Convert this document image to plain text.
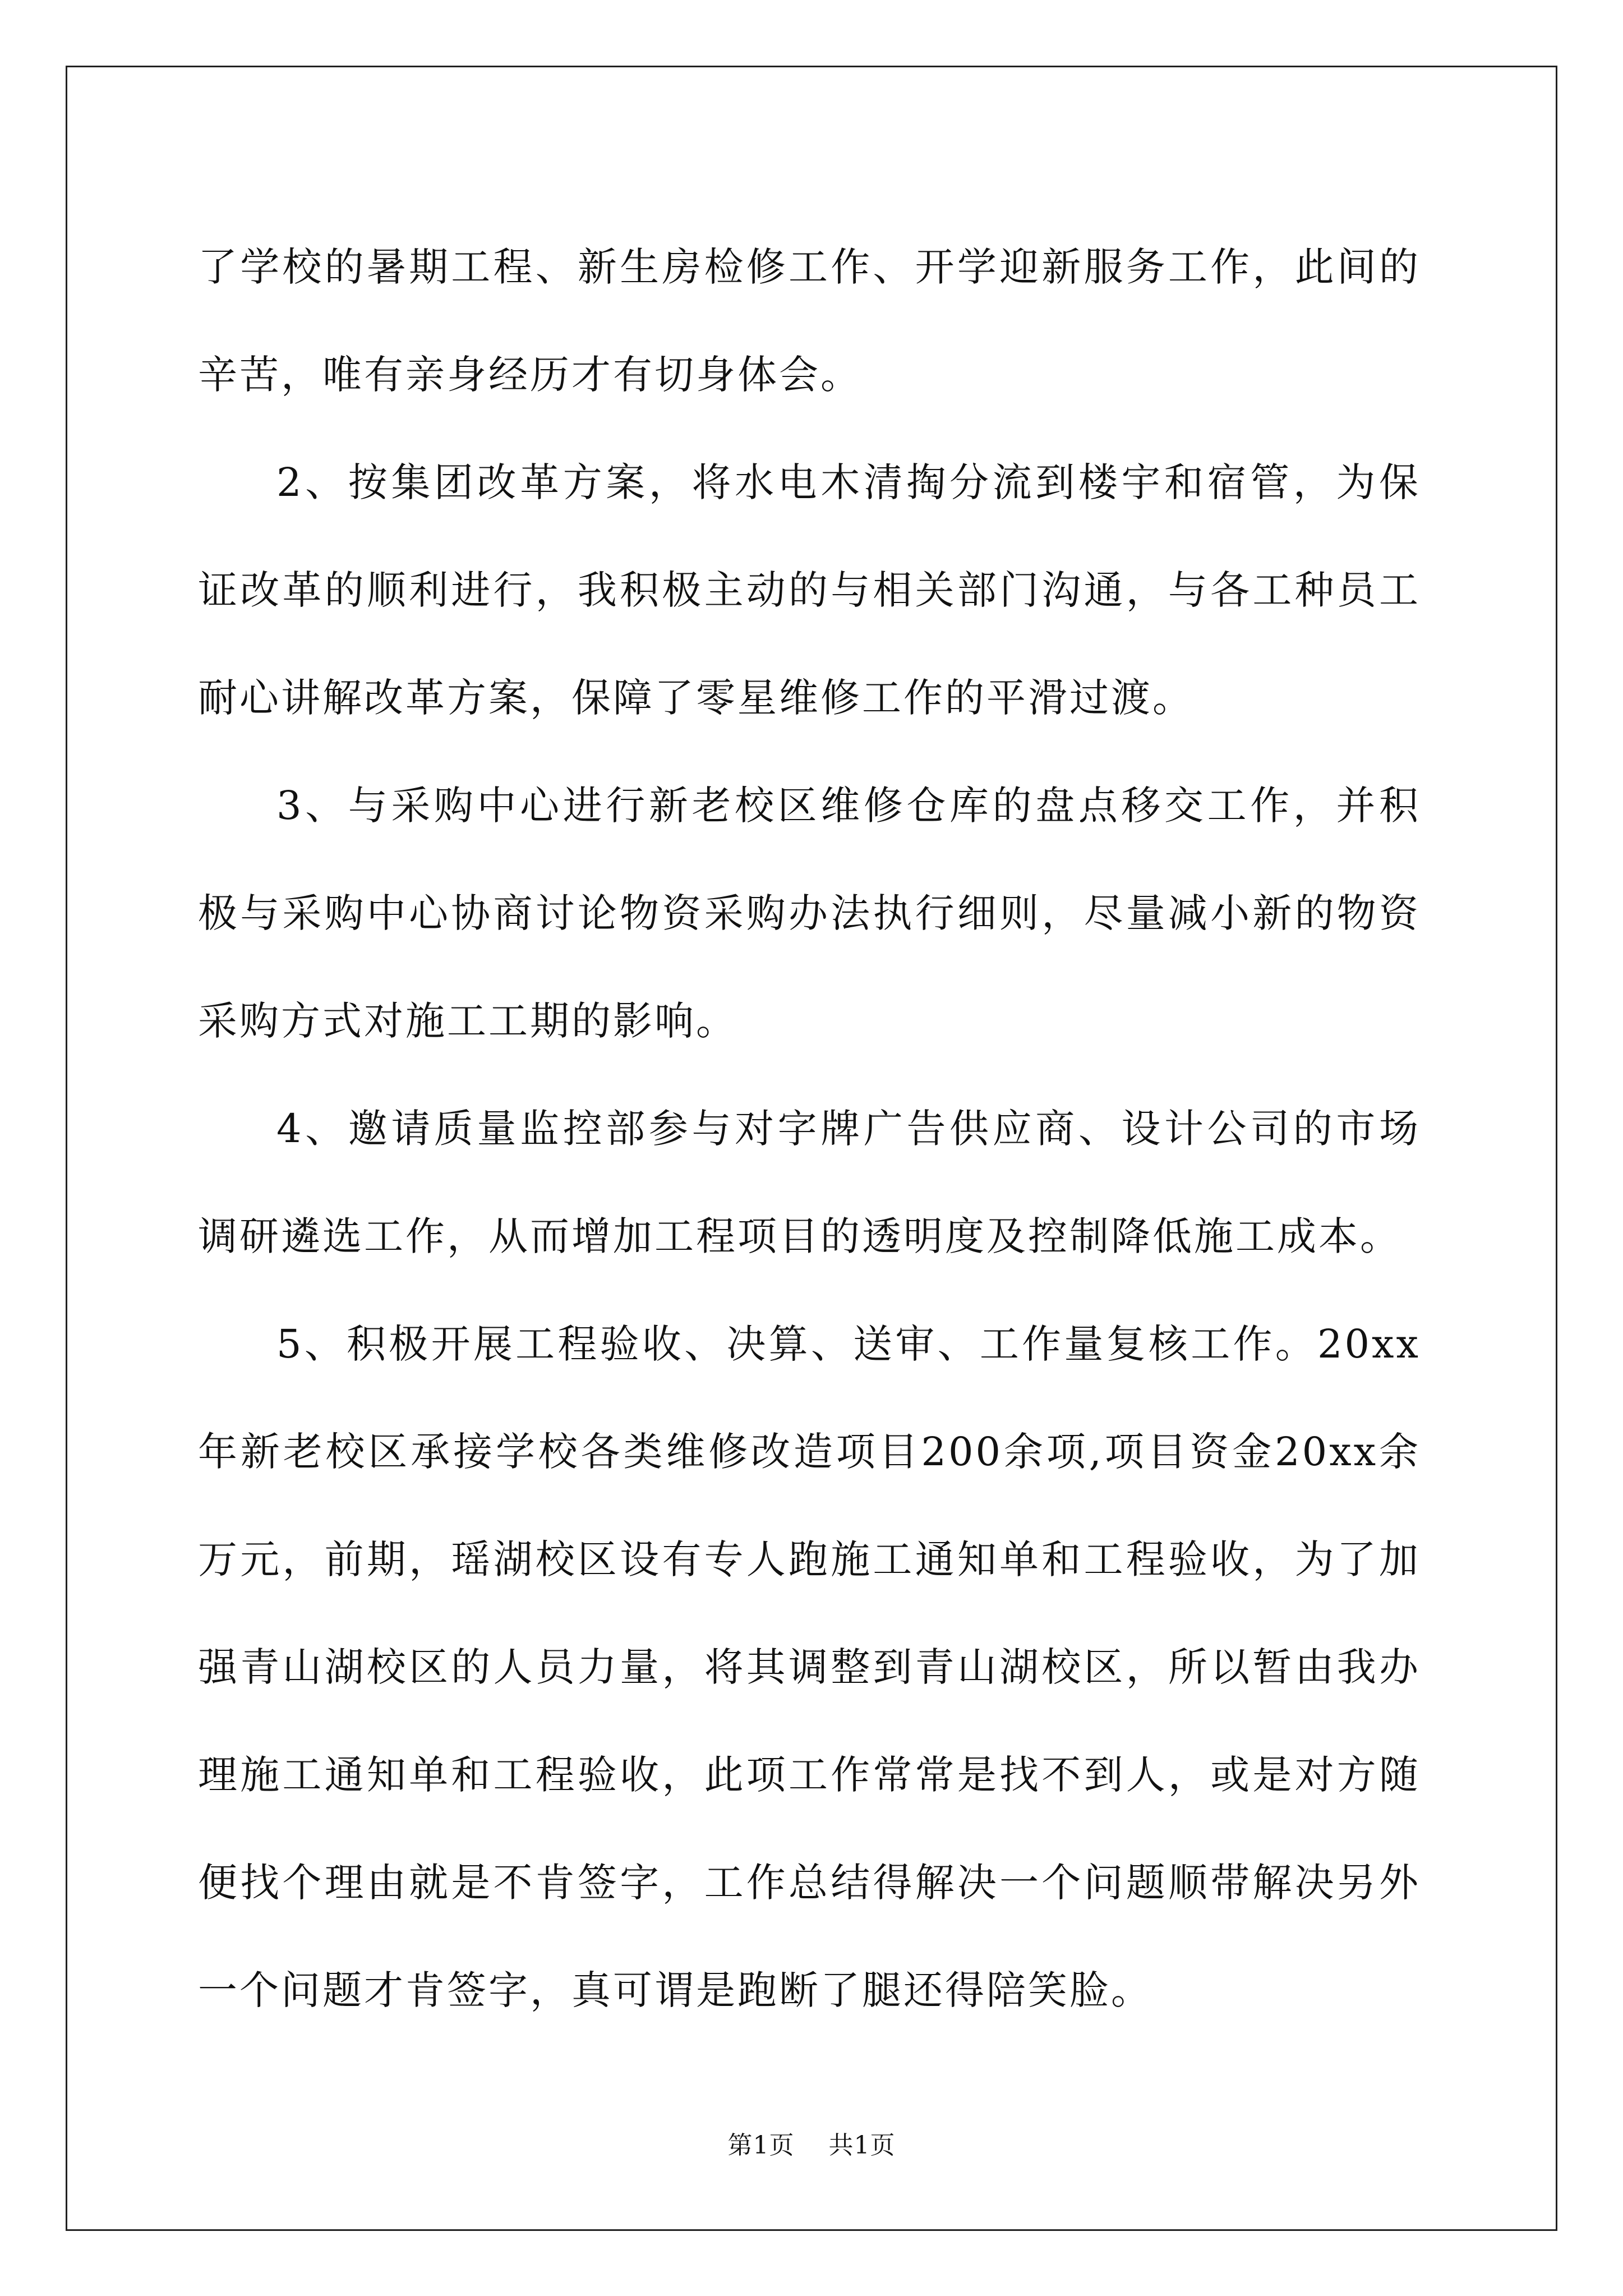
了学校的暑期工程、新生房检修工作、开学迎新服务工作，此间的辛苦，唯有亲身经历才有切身体会。

2、按集团改革方案，将水电木清掏分流到楼宇和宿管，为保证改革的顺利进行，我积极主动的与相关部门沟通，与各工种员工耐心讲解改革方案，保障了零星维修工作的平滑过渡。

3、与采购中心进行新老校区维修仓库的盘点移交工作，并积极与采购中心协商讨论物资采购办法执行细则，尽量减小新的物资采购方式对施工工期的影响。

4、邀请质量监控部参与对字牌广告供应商、设计公司的市场调研遴选工作，从而增加工程项目的透明度及控制降低施工成本。

5、积极开展工程验收、决算、送审、工作量复核工作。20xx年新老校区承接学校各类维修改造项目200余项,项目资金20xx余万元，前期，瑶湖校区设有专人跑施工通知单和工程验收，为了加强青山湖校区的人员力量，将其调整到青山湖校区，所以暂由我办理施工通知单和工程验收，此项工作常常是找不到人，或是对方随便找个理由就是不肯签字，工作总结得解决一个问题顺带解决另外一个问题才肯签字，真可谓是跑断了腿还得陪笑脸。

第1页 共1页
